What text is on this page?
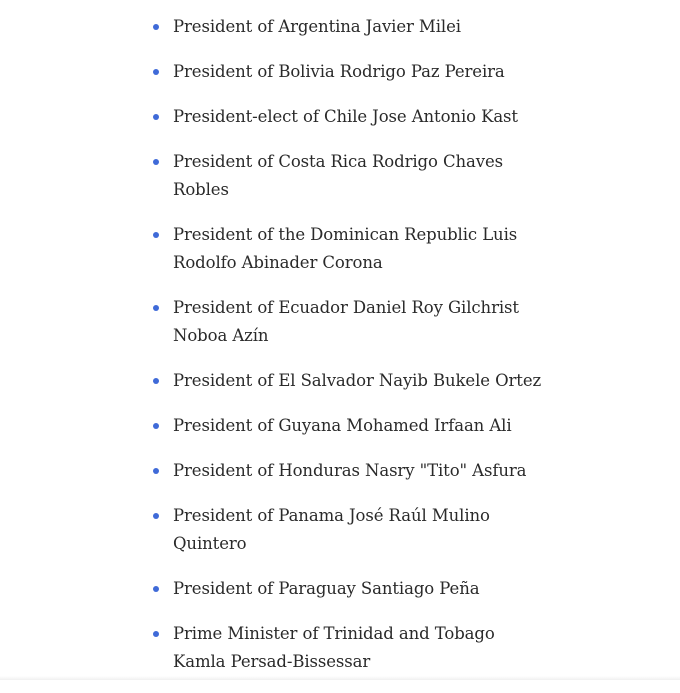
President of Argentina Javier Milei
President of Bolivia Rodrigo Paz Pereira
President-elect of Chile Jose Antonio Kast
President of Costa Rica Rodrigo Chaves Robles
President of the Dominican Republic Luis Rodolfo Abinader Corona
President of Ecuador Daniel Roy Gilchrist Noboa Azín
President of El Salvador Nayib Bukele Ortez
President of Guyana Mohamed Irfaan Ali
President of Honduras Nasry "Tito" Asfura
President of Panama José Raúl Mulino Quintero
President of Paraguay Santiago Peña
Prime Minister of Trinidad and Tobago Kamla Persad-Bissessar
